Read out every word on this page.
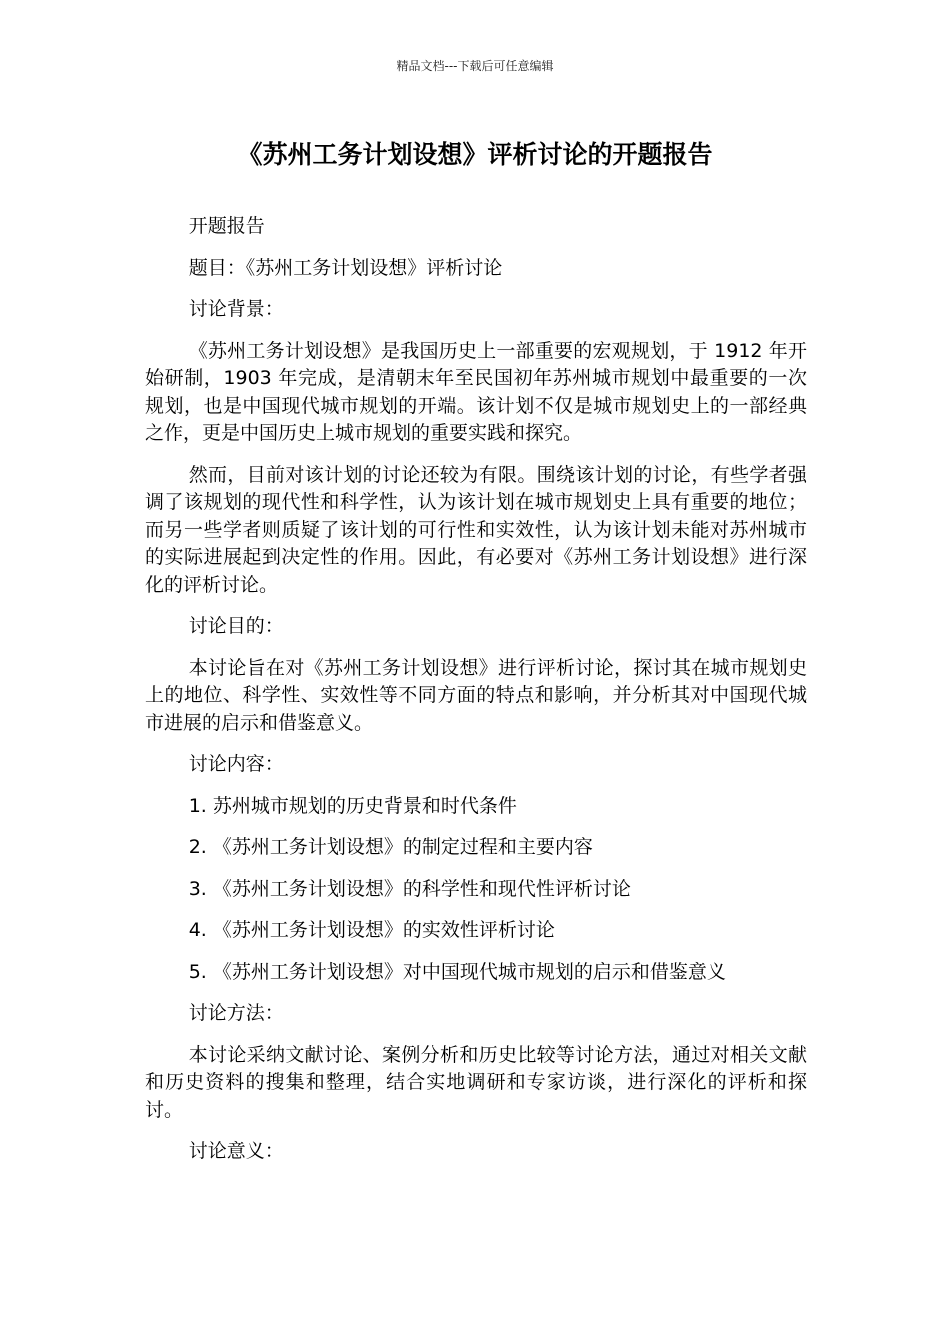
精品文档---下载后可任意编辑
《苏州工务计划设想》评析讨论的开题报告

开题报告

题目：《苏州工务计划设想》评析讨论

讨论背景：

《苏州工务计划设想》是我国历史上一部重要的宏观规划，于 1912 年开始研制，1903 年完成，是清朝末年至民国初年苏州城市规划中最重要的一次规划，也是中国现代城市规划的开端。该计划不仅是城市规划史上的一部经典之作，更是中国历史上城市规划的重要实践和探究。

然而，目前对该计划的讨论还较为有限。围绕该计划的讨论，有些学者强调了该规划的现代性和科学性，认为该计划在城市规划史上具有重要的地位；而另一些学者则质疑了该计划的可行性和实效性，认为该计划未能对苏州城市的实际进展起到决定性的作用。因此，有必要对《苏州工务计划设想》进行深化的评析讨论。

讨论目的：

本讨论旨在对《苏州工务计划设想》进行评析讨论，探讨其在城市规划史上的地位、科学性、实效性等不同方面的特点和影响，并分析其对中国现代城市进展的启示和借鉴意义。

讨论内容：

1. 苏州城市规划的历史背景和时代条件

2. 《苏州工务计划设想》的制定过程和主要内容

3. 《苏州工务计划设想》的科学性和现代性评析讨论

4. 《苏州工务计划设想》的实效性评析讨论

5. 《苏州工务计划设想》对中国现代城市规划的启示和借鉴意义

讨论方法：

本讨论采纳文献讨论、案例分析和历史比较等讨论方法，通过对相关文献和历史资料的搜集和整理，结合实地调研和专家访谈，进行深化的评析和探讨。

讨论意义：
